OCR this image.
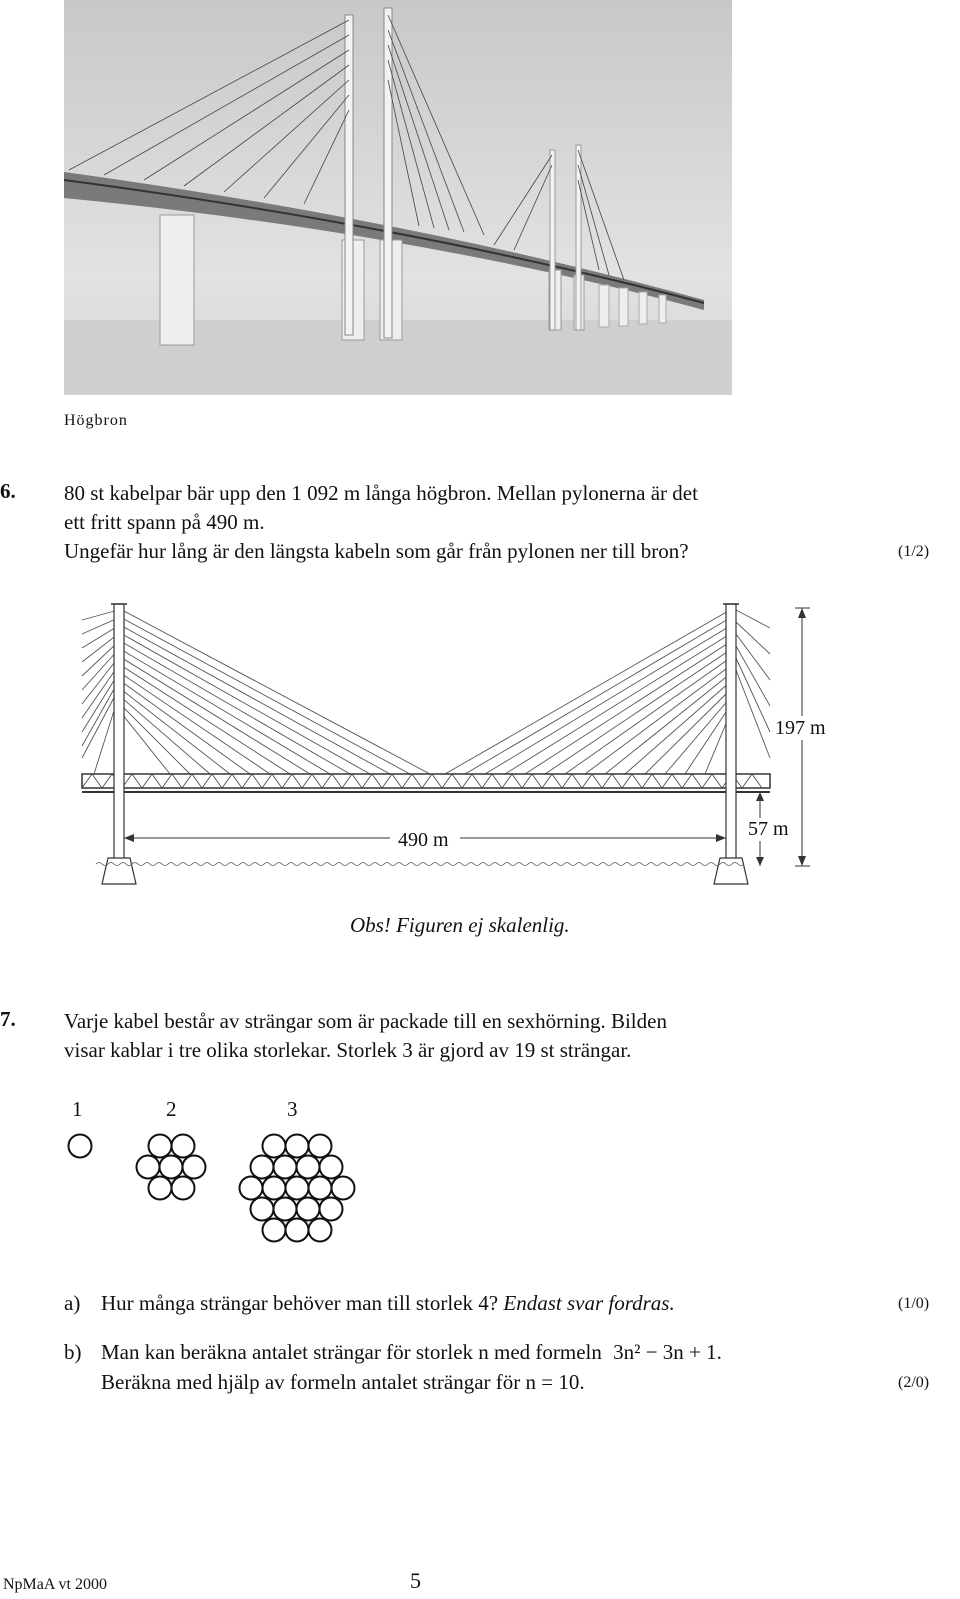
Högbron
6. 80 st kabelpar bär upp den 1 092 m långa högbron. Mellan pylonerna är det
ett fritt spann på 490 m.
Ungefär hur lång är den längsta kabeln som går från pylonen ner till bron?	(1/2)
197 m
490 m	57 m
Obs! Figuren ej skalenlig.
7. Varje kabel består av strängar som är packade till en sexhörning. Bilden
visar kablar i tre olika storlekar. Storlek 3 är gjord av 19 st strängar.
1	2	3
a) Hur många strängar behöver man till storlek 4? Endast svar fordras.	(1/0)
b) Man kan beräkna antalet strängar för storlek n med formeln 3n² − 3n + 1.
Beräkna med hjälp av formeln antalet strängar för n = 10.	(2/0)
NpMaA vt 2000	5
